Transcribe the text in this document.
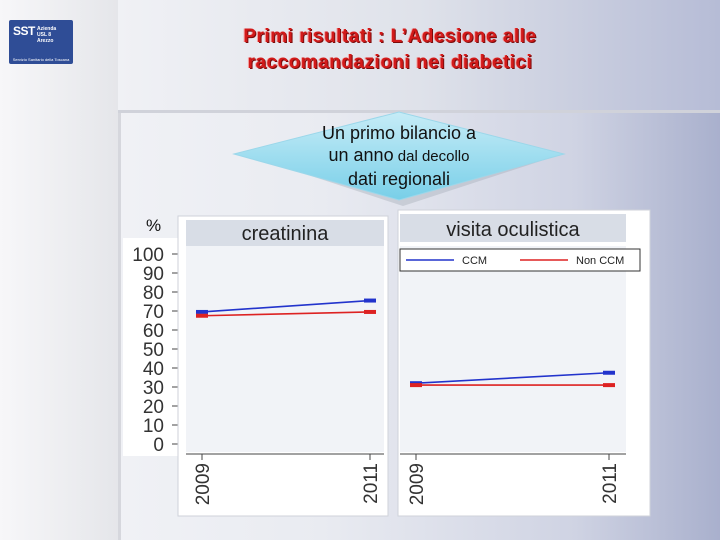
SST Azienda
USL 8
Arezzo
Servizio Sanitario della Toscana
Primi risultati : L’Adesione alle
raccomandazioni nei diabetici
Un primo bilancio a
un anno dal decollo
dati regionali
%
0
10
20
30
40
50
60
70
80
90
100
creatinina
2009	2011
visita oculistica
2009	2011
CCM	Non CCM
